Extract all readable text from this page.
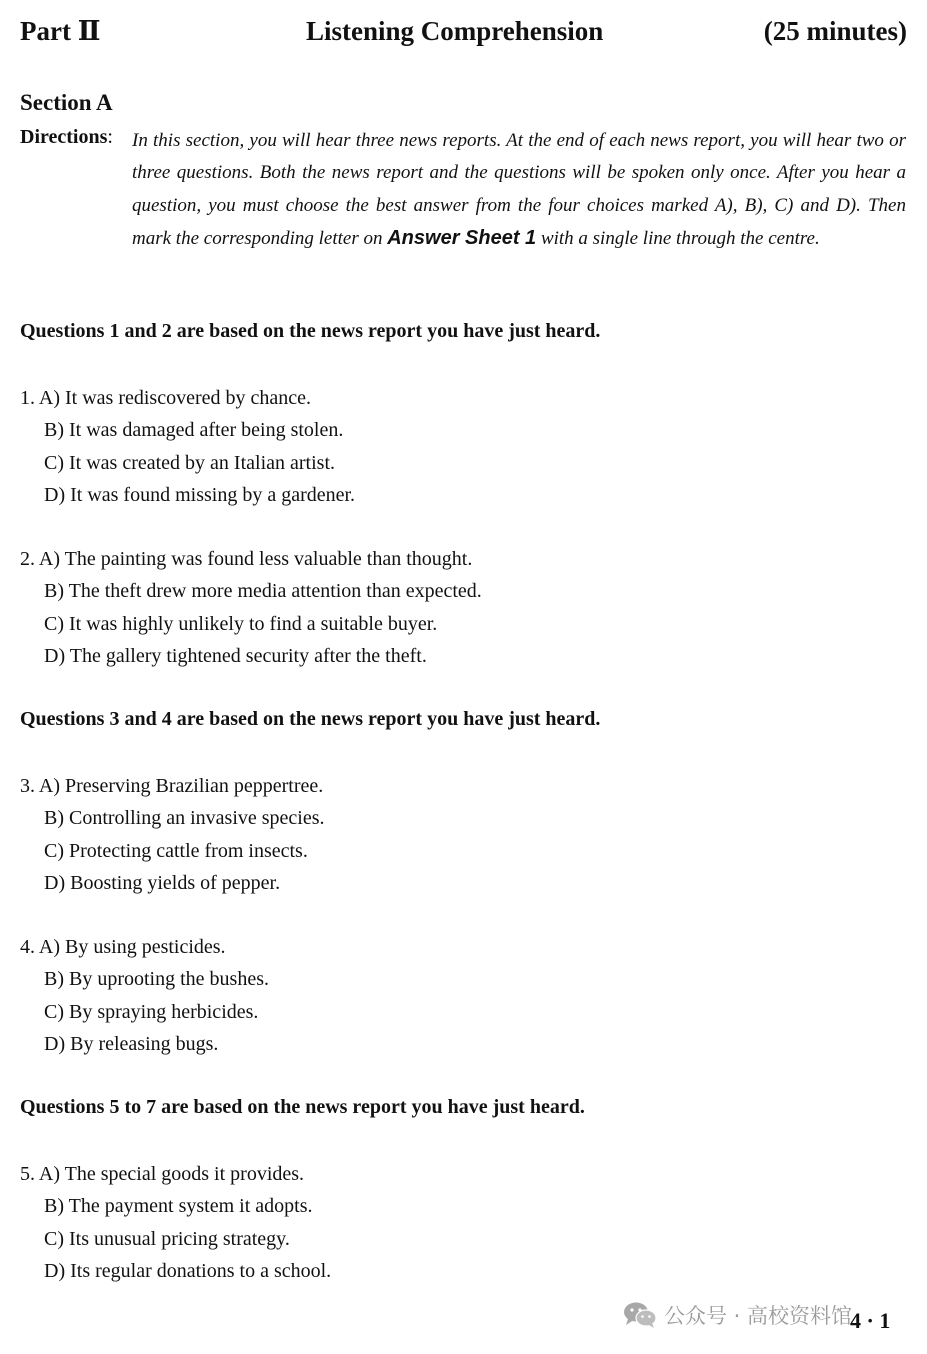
Part Ⅱ	Listening Comprehension	(25 minutes)
Section A
Directions: In this section, you will hear three news reports. At the end of each news report, you will hear two or three questions. Both the news report and the questions will be spoken only once. After you hear a question, you must choose the best answer from the four choices marked A), B), C) and D). Then mark the corresponding letter on Answer Sheet 1 with a single line through the centre.
Questions 1 and 2 are based on the news report you have just heard.
1. A) It was rediscovered by chance.
B) It was damaged after being stolen.
C) It was created by an Italian artist.
D) It was found missing by a gardener.
2. A) The painting was found less valuable than thought.
B) The theft drew more media attention than expected.
C) It was highly unlikely to find a suitable buyer.
D) The gallery tightened security after the theft.
Questions 3 and 4 are based on the news report you have just heard.
3. A) Preserving Brazilian peppertree.
B) Controlling an invasive species.
C) Protecting cattle from insects.
D) Boosting yields of pepper.
4. A) By using pesticides.
B) By uprooting the bushes.
C) By spraying herbicides.
D) By releasing bugs.
Questions 5 to 7 are based on the news report you have just heard.
5. A) The special goods it provides.
B) The payment system it adopts.
C) Its unusual pricing strategy.
D) Its regular donations to a school.
公众号 · 高校资料馆
4 · 1
